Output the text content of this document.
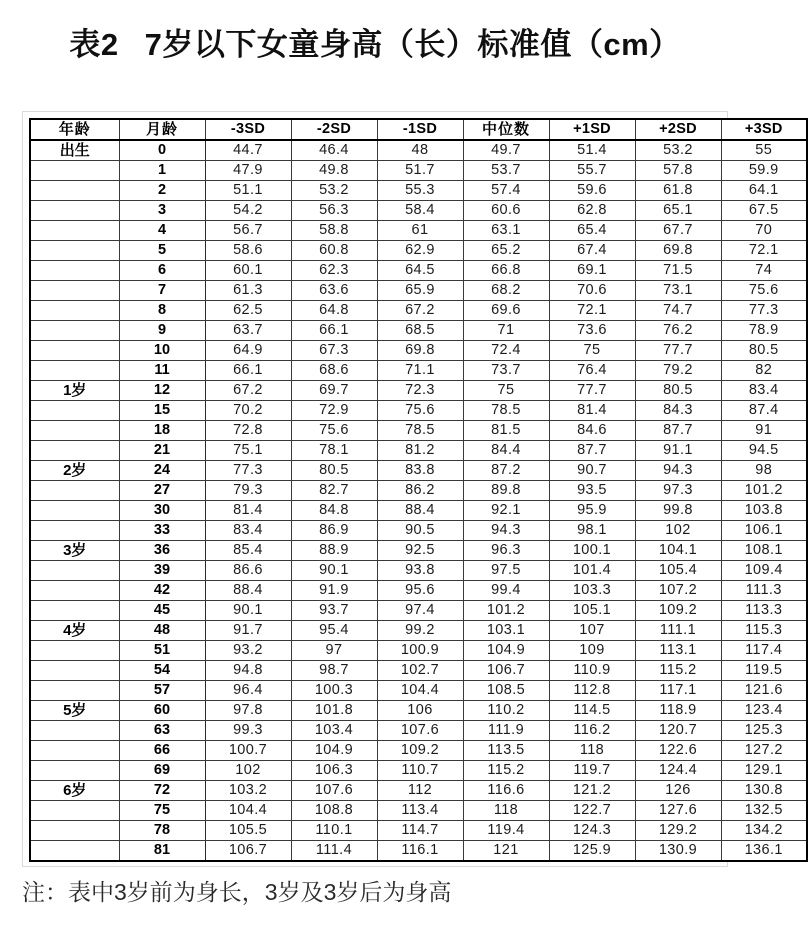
表2 7岁以下女童身高（长）标准值（cm）
年龄	月龄	-3SD	-2SD	-1SD	中位数	+1SD	+2SD	+3SD
出生	0	44.7	46.4	48	49.7	51.4	53.2	55
	1	47.9	49.8	51.7	53.7	55.7	57.8	59.9
	2	51.1	53.2	55.3	57.4	59.6	61.8	64.1
	3	54.2	56.3	58.4	60.6	62.8	65.1	67.5
	4	56.7	58.8	61	63.1	65.4	67.7	70
	5	58.6	60.8	62.9	65.2	67.4	69.8	72.1
	6	60.1	62.3	64.5	66.8	69.1	71.5	74
	7	61.3	63.6	65.9	68.2	70.6	73.1	75.6
	8	62.5	64.8	67.2	69.6	72.1	74.7	77.3
	9	63.7	66.1	68.5	71	73.6	76.2	78.9
	10	64.9	67.3	69.8	72.4	75	77.7	80.5
	11	66.1	68.6	71.1	73.7	76.4	79.2	82
1岁	12	67.2	69.7	72.3	75	77.7	80.5	83.4
	15	70.2	72.9	75.6	78.5	81.4	84.3	87.4
	18	72.8	75.6	78.5	81.5	84.6	87.7	91
	21	75.1	78.1	81.2	84.4	87.7	91.1	94.5
2岁	24	77.3	80.5	83.8	87.2	90.7	94.3	98
	27	79.3	82.7	86.2	89.8	93.5	97.3	101.2
	30	81.4	84.8	88.4	92.1	95.9	99.8	103.8
	33	83.4	86.9	90.5	94.3	98.1	102	106.1
3岁	36	85.4	88.9	92.5	96.3	100.1	104.1	108.1
	39	86.6	90.1	93.8	97.5	101.4	105.4	109.4
	42	88.4	91.9	95.6	99.4	103.3	107.2	111.3
	45	90.1	93.7	97.4	101.2	105.1	109.2	113.3
4岁	48	91.7	95.4	99.2	103.1	107	111.1	115.3
	51	93.2	97	100.9	104.9	109	113.1	117.4
	54	94.8	98.7	102.7	106.7	110.9	115.2	119.5
	57	96.4	100.3	104.4	108.5	112.8	117.1	121.6
5岁	60	97.8	101.8	106	110.2	114.5	118.9	123.4
	63	99.3	103.4	107.6	111.9	116.2	120.7	125.3
	66	100.7	104.9	109.2	113.5	118	122.6	127.2
	69	102	106.3	110.7	115.2	119.7	124.4	129.1
6岁	72	103.2	107.6	112	116.6	121.2	126	130.8
	75	104.4	108.8	113.4	118	122.7	127.6	132.5
	78	105.5	110.1	114.7	119.4	124.3	129.2	134.2
	81	106.7	111.4	116.1	121	125.9	130.9	136.1
注：表中3岁前为身长，3岁及3岁后为身高
